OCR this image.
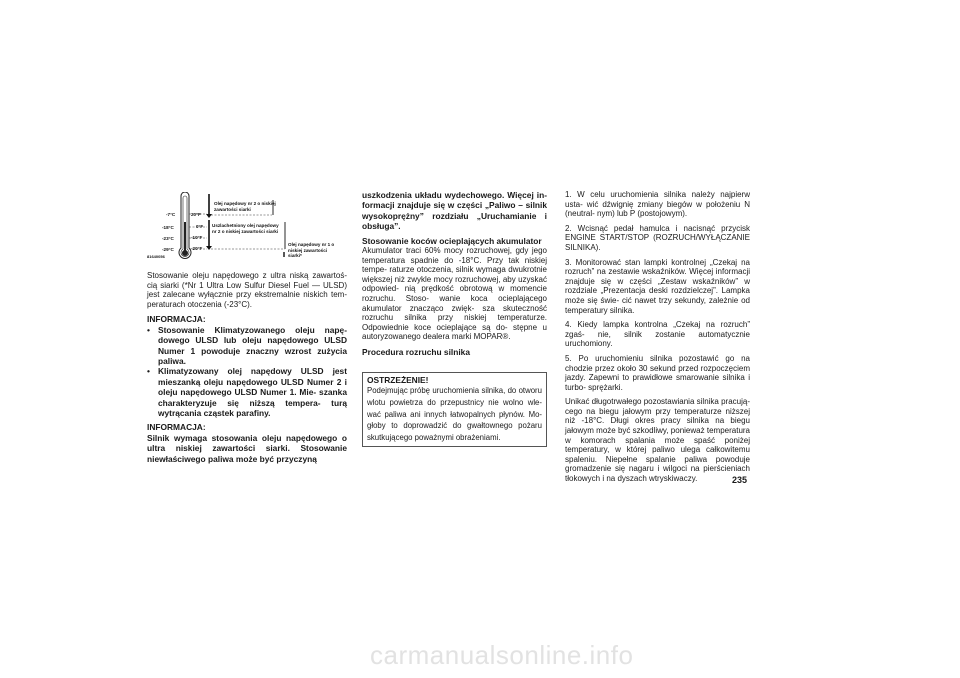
-7°C
-18°C
-23°C
-29°C
20°F
0°F
-10°F
-20°F
Olej napędowy nr 2 o niskiej zawartości siarki
Uszlachetniony olej napędowy nr 2 o niskiej zawartości siarki
Olej napędowy nr 1 o niskiej zawartości siarki*
81640056

Stosowanie oleju napędowego z ultra niską zawartoś- cią siarki (*Nr 1 Ultra Low Sulfur Diesel Fuel — ULSD) jest zalecane wyłącznie przy ekstremalnie niskich tem- peraturach otoczenia (-23°C).

INFORMACJA:

• Stosowanie Klimatyzowanego oleju napę- dowego ULSD lub oleju napędowego ULSD Numer 1 powoduje znaczny wzrost zużycia paliwa.
• Klimatyzowany olej napędowy ULSD jest mieszanką oleju napędowego ULSD Numer 2 i oleju napędowego ULSD Numer 1. Mie- szanka charakteryzuje się niższą tempera- turą wytrącania cząstek parafiny.

INFORMACJA:

Silnik wymaga stosowania oleju napędowego o ultra niskiej zawartości siarki. Stosowanie niewłaściwego paliwa może być przyczyną

uszkodzenia układu wydechowego. Więcej in- formacji znajduje się w części „Paliwo – silnik wysokoprężny” rozdziału „Uruchamianie i obsługa”.

Stosowanie koców ocieplających akumulator

Akumulator traci 60% mocy rozruchowej, gdy jego temperatura spadnie do -18°C. Przy tak niskiej tempe- raturze otoczenia, silnik wymaga dwukrotnie większej niż zwykle mocy rozruchowej, aby uzyskać odpowied- nią prędkość obrotową w momencie rozruchu. Stoso- wanie koca ocieplającego akumulator znacząco zwięk- sza skuteczność rozruchu silnika przy niskiej temperaturze. Odpowiednie koce ocieplające są do- stępne u autoryzowanego dealera marki MOPAR®.

Procedura rozruchu silnika

OSTRZEŻENIE!

Podejmując próbę uruchomienia silnika, do otworu wlotu powietrza do przepustnicy nie wolno wle- wać paliwa ani innych łatwopalnych płynów. Mo- głoby to doprowadzić do gwałtownego pożaru skutkującego poważnymi obrażeniami.

1. W celu uruchomienia silnika należy najpierw usta- wić dźwignię zmiany biegów w położeniu N (neutral- nym) lub P (postojowym).

2. Wcisnąć pedał hamulca i nacisnąć przycisk ENGINE START/STOP (ROZRUCH/WYŁĄCZANIE SILNIKA).

3. Monitorować stan lampki kontrolnej „Czekaj na rozruch” na zestawie wskaźników. Więcej informacji znajduje się w części „Zestaw wskaźników” w rozdziale „Prezentacja deski rozdzielczej”. Lampka może się świe- cić nawet trzy sekundy, zależnie od temperatury silnika.

4. Kiedy lampka kontrolna „Czekaj na rozruch” zgaś- nie, silnik zostanie automatycznie uruchomiony.

5. Po uruchomieniu silnika pozostawić go na chodzie przez około 30 sekund przed rozpoczęciem jazdy. Zapewni to prawidłowe smarowanie silnika i turbo- sprężarki.

Unikać długotrwałego pozostawiania silnika pracują- cego na biegu jałowym przy temperaturze niższej niż -18°C. Długi okres pracy silnika na biegu jałowym może być szkodliwy, ponieważ temperatura w komorach spalania może spaść poniżej temperatury, w której paliwo ulega całkowitemu spaleniu. Niepełne spalanie paliwa powoduje gromadzenie się nagaru i wilgoci na pierścieniach tłokowych i na dyszach wtryskiwaczy.	235
carmanualsonline.info
